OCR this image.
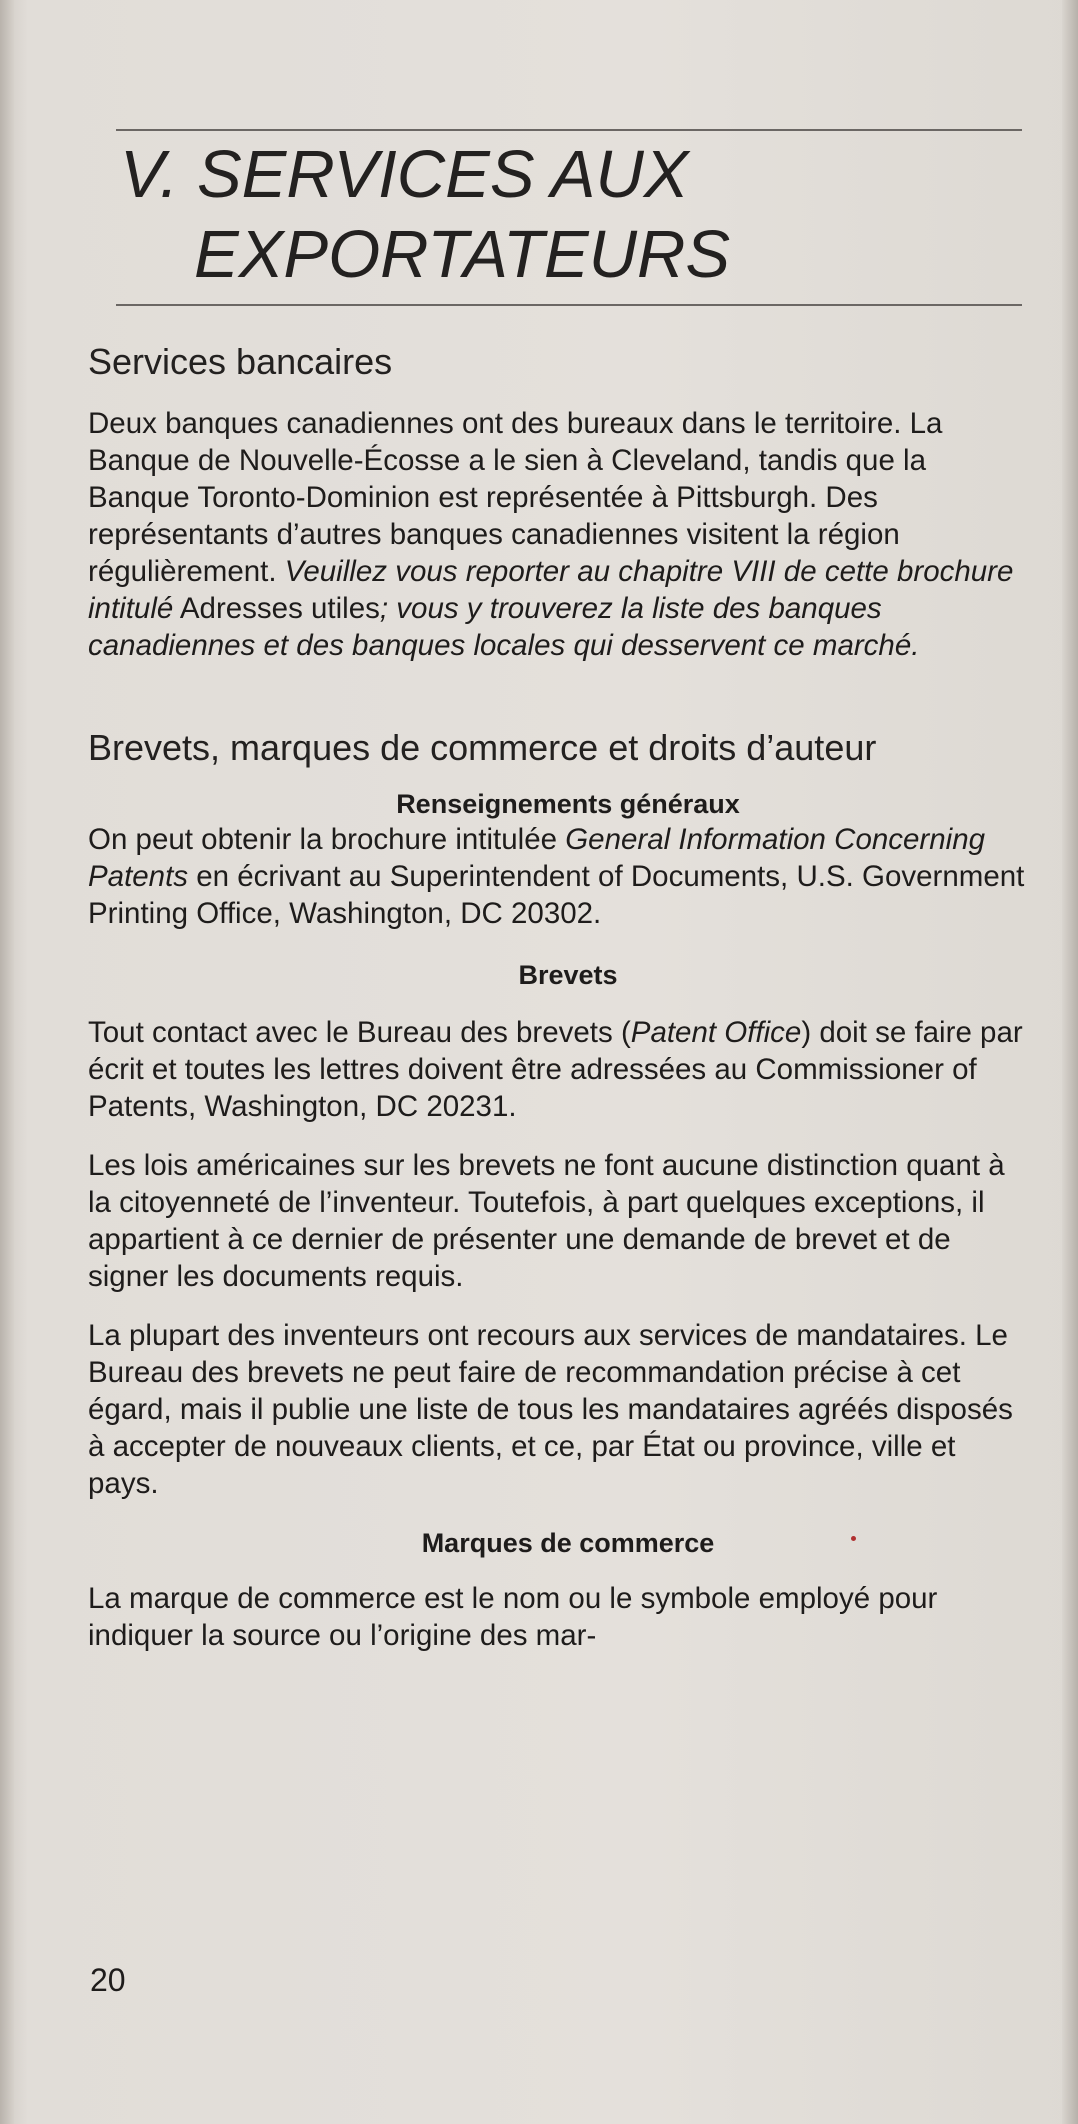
V. SERVICES AUX
EXPORTATEURS
Services bancaires

Deux banques canadiennes ont des bureaux dans le territoire. La Banque de Nouvelle-Écosse a le sien à Cleveland, tandis que la Banque Toronto-Dominion est représentée à Pittsburgh. Des représentants d’autres banques canadiennes visitent la région régulièrement. Veuillez vous reporter au chapitre VIII de cette brochure intitulé Adresses utiles; vous y trouverez la liste des banques canadiennes et des banques locales qui desservent ce marché.

Brevets, marques de commerce et droits d’auteur
Renseignements généraux

On peut obtenir la brochure intitulée General Information Concerning Patents en écrivant au Superintendent of Documents, U.S. Government Printing Office, Washington, DC 20302.

Brevets

Tout contact avec le Bureau des brevets (Patent Office) doit se faire par écrit et toutes les lettres doivent être adressées au Commissioner of Patents, Washington, DC 20231.

Les lois américaines sur les brevets ne font aucune distinction quant à la citoyenneté de l’inventeur. Toutefois, à part quelques exceptions, il appartient à ce dernier de présenter une demande de brevet et de signer les documents requis.

La plupart des inventeurs ont recours aux services de mandataires. Le Bureau des brevets ne peut faire de recommandation précise à cet égard, mais il publie une liste de tous les mandataires agréés disposés à accepter de nouveaux clients, et ce, par État ou province, ville et pays.

Marques de commerce

La marque de commerce est le nom ou le symbole employé pour indiquer la source ou l’origine des mar-

20
